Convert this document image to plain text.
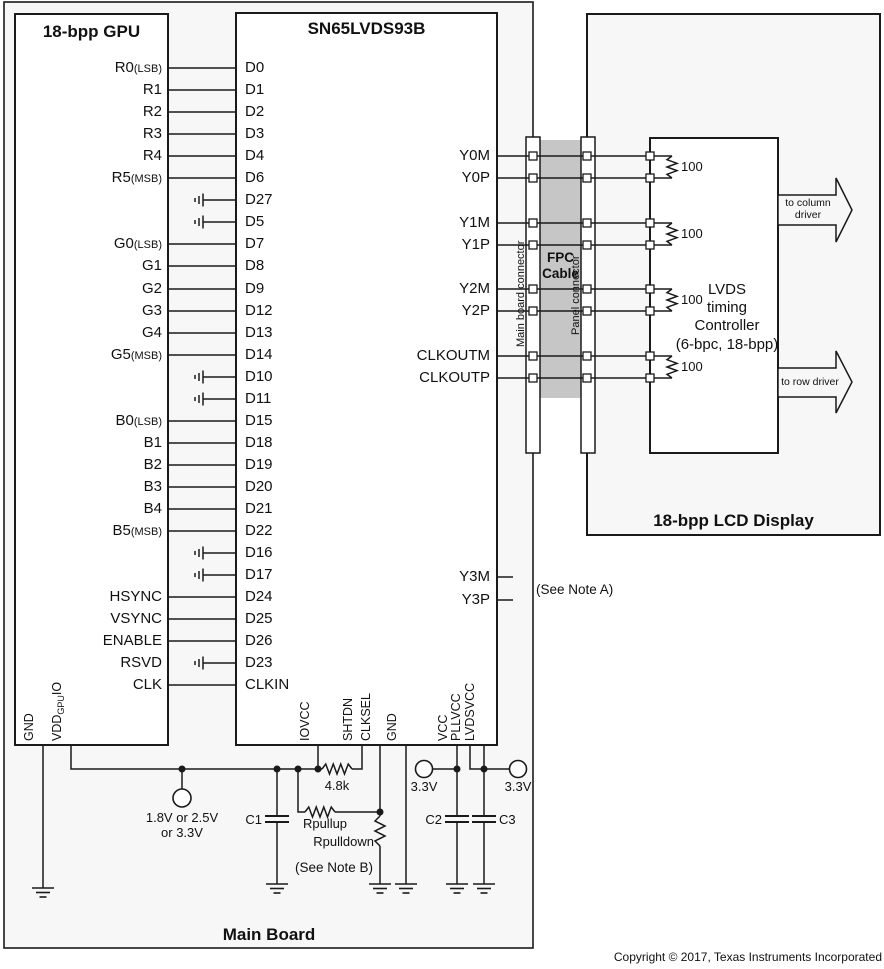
18-bpp GPU	SN65LVDS93B
18-bpp LCD Display
Main Board
FPC Cable
LVDS
timing
Controller
(6-bpc, 18-bpp)
to column driver
to row driver
(See Note A)
(See Note B)
1.8V or 2.5V
or 3.3V
3.3V	3.3V
4.8k
Rpullup
Rpulldown
C1	C2	C3
Copyright © 2017, Texas Instruments Incorporated
R0(LSB)	D0
R1	D1
R2	D2
R3	D3
R4	D4
R5(MSB)	D6
D27
D5
G0(LSB)	D7
G1	D8
G2	D9
G3	D12
G4	D13
G5(MSB)	D14
D10
D11
B0(LSB)	D15
B1	D18
B2	D19
B3	D20
B4	D21
B5(MSB)	D22
D16
D17
HSYNC	D24
VSYNC	D25
ENABLE	D26
RSVD	D23
CLK	CLKIN
Y0M
Y0P
100
Y1M
Y1P
100
Y2M
Y2P
100
CLKOUTM
CLKOUTP
100
Y3M
Y3P
GND $VDD_{GPU}IO$
IOVCC SHTDN CLKSEL GND	VCC PLLVCC LVDSVCC
Main board connector	Panel connector
